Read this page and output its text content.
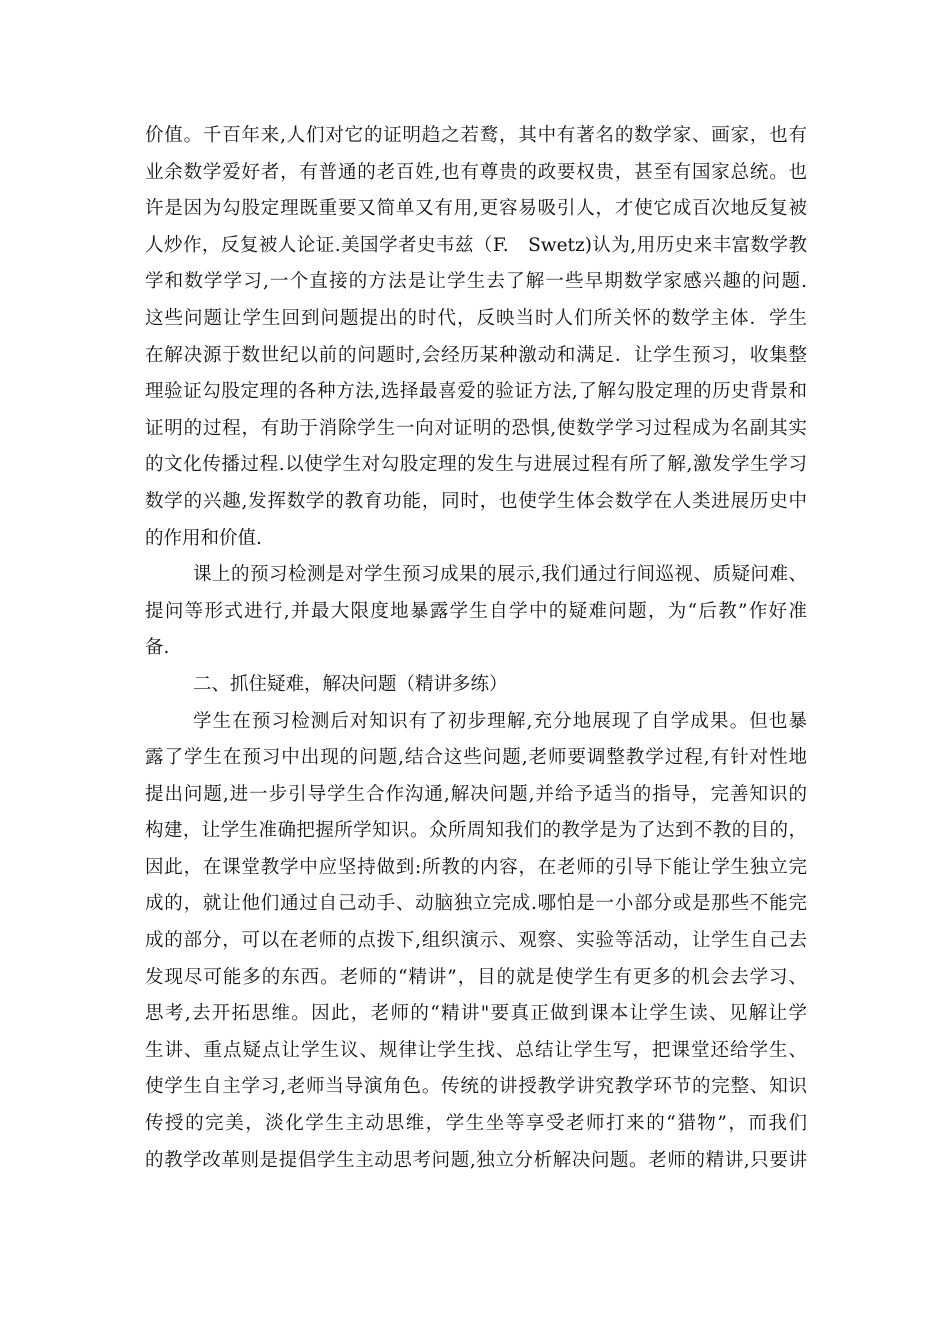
价值。千百年来,人们对它的证明趋之若鹜，其中有著名的数学家、画家，也有
业余数学爱好者，有普通的老百姓,也有尊贵的政要权贵，甚至有国家总统。也
许是因为勾股定理既重要又简单又有用,更容易吸引人，才使它成百次地反复被
人炒作，反复被人论证.美国学者史韦兹（F.　Swetz)认为,用历史来丰富数学教
学和数学学习,一个直接的方法是让学生去了解一些早期数学家感兴趣的问题.
这些问题让学生回到问题提出的时代，反映当时人们所关怀的数学主体．学生
在解决源于数世纪以前的问题时,会经历某种激动和满足．让学生预习，收集整
理验证勾股定理的各种方法,选择最喜爱的验证方法,了解勾股定理的历史背景和
证明的过程，有助于消除学生一向对证明的恐惧,使数学学习过程成为名副其实
的文化传播过程.以使学生对勾股定理的发生与进展过程有所了解,激发学生学习
数学的兴趣,发挥数学的教育功能，同时，也使学生体会数学在人类进展历史中
的作用和价值.
课上的预习检测是对学生预习成果的展示,我们通过行间巡视、质疑问难、
提问等形式进行,并最大限度地暴露学生自学中的疑难问题，为“后教”作好准
备.
二、抓住疑难，解决问题（精讲多练）
学生在预习检测后对知识有了初步理解,充分地展现了自学成果。但也暴
露了学生在预习中出现的问题,结合这些问题,老师要调整教学过程,有针对性地
提出问题,进一步引导学生合作沟通,解决问题,并给予适当的指导，完善知识的
构建，让学生准确把握所学知识。众所周知我们的教学是为了达到不教的目的，
因此，在课堂教学中应坚持做到:所教的内容，在老师的引导下能让学生独立完
成的，就让他们通过自己动手、动脑独立完成.哪怕是一小部分或是那些不能完
成的部分，可以在老师的点拨下,组织演示、观察、实验等活动，让学生自己去
发现尽可能多的东西。老师的“精讲”，目的就是使学生有更多的机会去学习、
思考,去开拓思维。因此，老师的“精讲"要真正做到课本让学生读、见解让学
生讲、重点疑点让学生议、规律让学生找、总结让学生写，把课堂还给学生、
使学生自主学习,老师当导演角色。传统的讲授教学讲究教学环节的完整、知识
传授的完美，淡化学生主动思维，学生坐等享受老师打来的“猎物”，而我们
的教学改革则是提倡学生主动思考问题,独立分析解决问题。老师的精讲,只要讲
